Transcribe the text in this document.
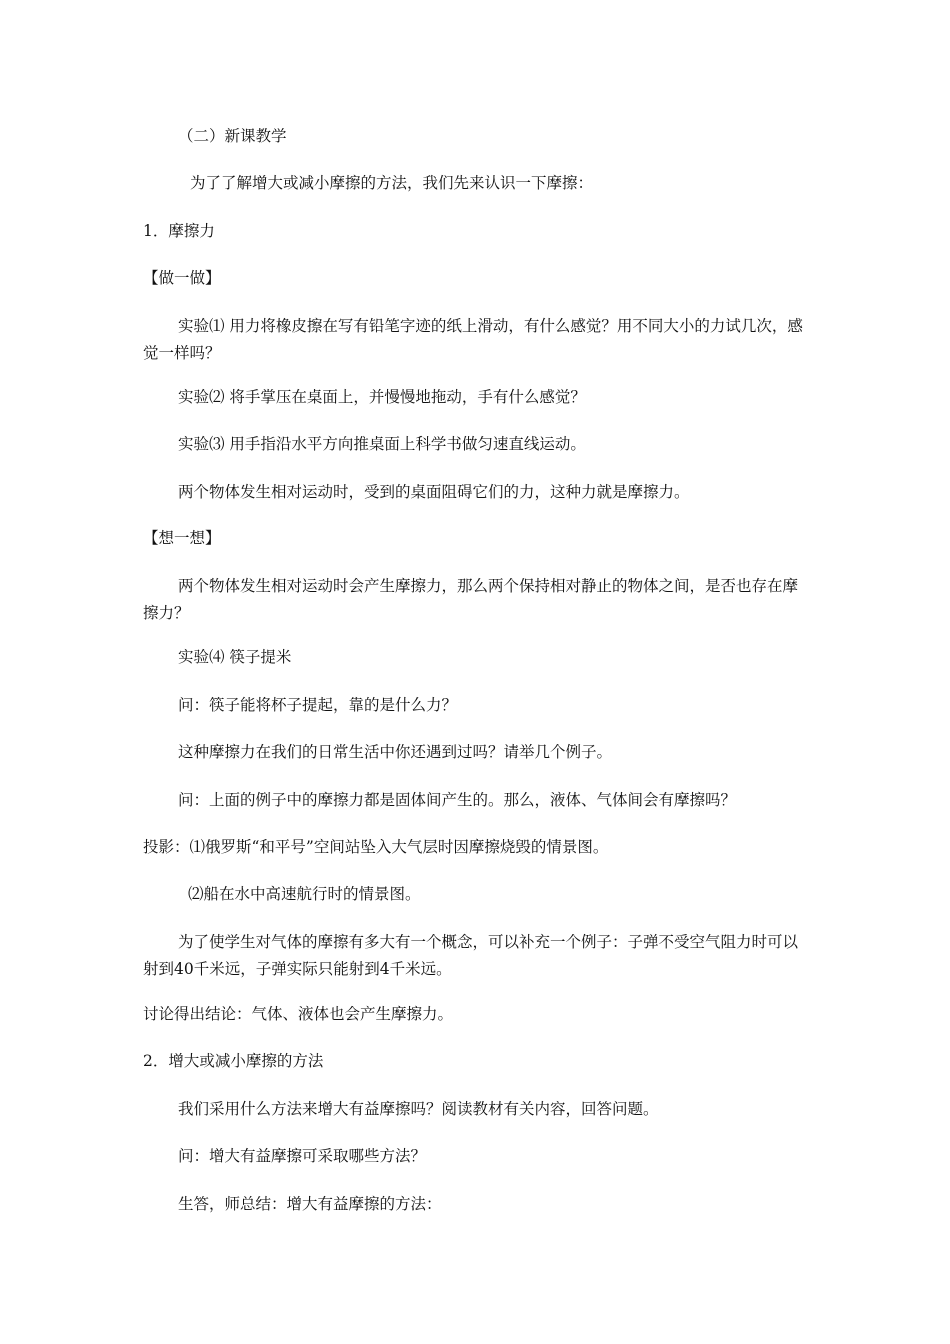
（二）新课教学
为了了解增大或减小摩擦的方法，我们先来认识一下摩擦：
1．摩擦力
【做一做】
实验⑴ 用力将橡皮擦在写有铅笔字迹的纸上滑动，有什么感觉？用不同大小的力试几次，感觉一样吗？
实验⑵ 将手掌压在桌面上，并慢慢地拖动，手有什么感觉？
实验⑶ 用手指沿水平方向推桌面上科学书做匀速直线运动。
两个物体发生相对运动时，受到的桌面阻碍它们的力，这种力就是摩擦力。
【想一想】
两个物体发生相对运动时会产生摩擦力，那么两个保持相对静止的物体之间，是否也存在摩擦力？
实验⑷ 筷子提米
问：筷子能将杯子提起，靠的是什么力？
这种摩擦力在我们的日常生活中你还遇到过吗？请举几个例子。
问：上面的例子中的摩擦力都是固体间产生的。那么，液体、气体间会有摩擦吗？
投影：⑴俄罗斯“和平号”空间站坠入大气层时因摩擦烧毁的情景图。
⑵船在水中高速航行时的情景图。
为了使学生对气体的摩擦有多大有一个概念，可以补充一个例子：子弹不受空气阻力时可以射到40千米远，子弹实际只能射到4千米远。
讨论得出结论：气体、液体也会产生摩擦力。
2．增大或减小摩擦的方法
我们采用什么方法来增大有益摩擦吗？阅读教材有关内容，回答问题。
问：增大有益摩擦可采取哪些方法？
生答，师总结：增大有益摩擦的方法：
